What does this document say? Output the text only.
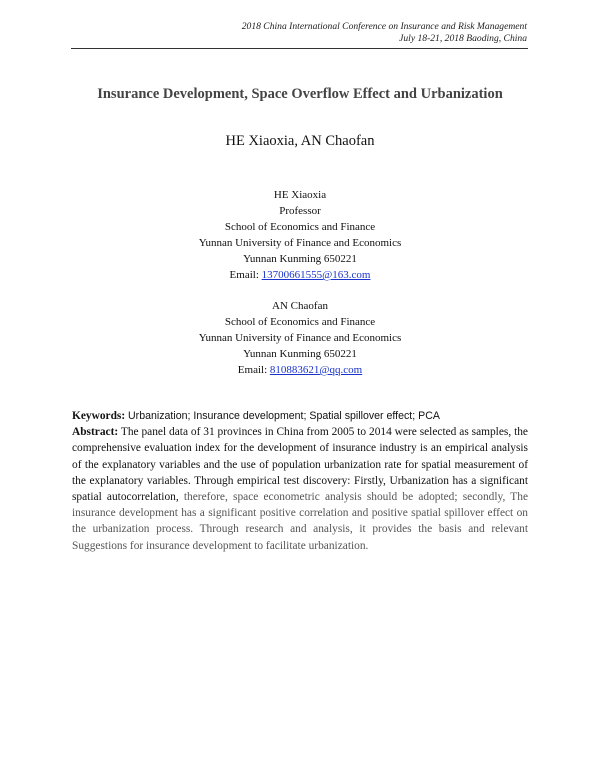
2018 China International Conference on Insurance and Risk Management
July 18-21, 2018 Baoding, China
Insurance Development, Space Overflow Effect and Urbanization
HE Xiaoxia, AN Chaofan
HE Xiaoxia
Professor
School of Economics and Finance
Yunnan University of Finance and Economics
Yunnan Kunming 650221
Email: 13700661555@163.com
AN Chaofan
School of Economics and Finance
Yunnan University of Finance and Economics
Yunnan Kunming 650221
Email: 810883621@qq.com
Keywords: Urbanization; Insurance development; Spatial spillover effect; PCA
Abstract: The panel data of 31 provinces in China from 2005 to 2014 were selected as samples, the comprehensive evaluation index for the development of insurance industry is an empirical analysis of the explanatory variables and the use of population urbanization rate for spatial measurement of the explanatory variables. Through empirical test discovery: Firstly, Urbanization has a significant spatial autocorrelation, therefore, space econometric analysis should be adopted; secondly, The insurance development has a significant positive correlation and positive spatial spillover effect on the urbanization process. Through research and analysis, it provides the basis and relevant Suggestions for insurance development to facilitate urbanization.
